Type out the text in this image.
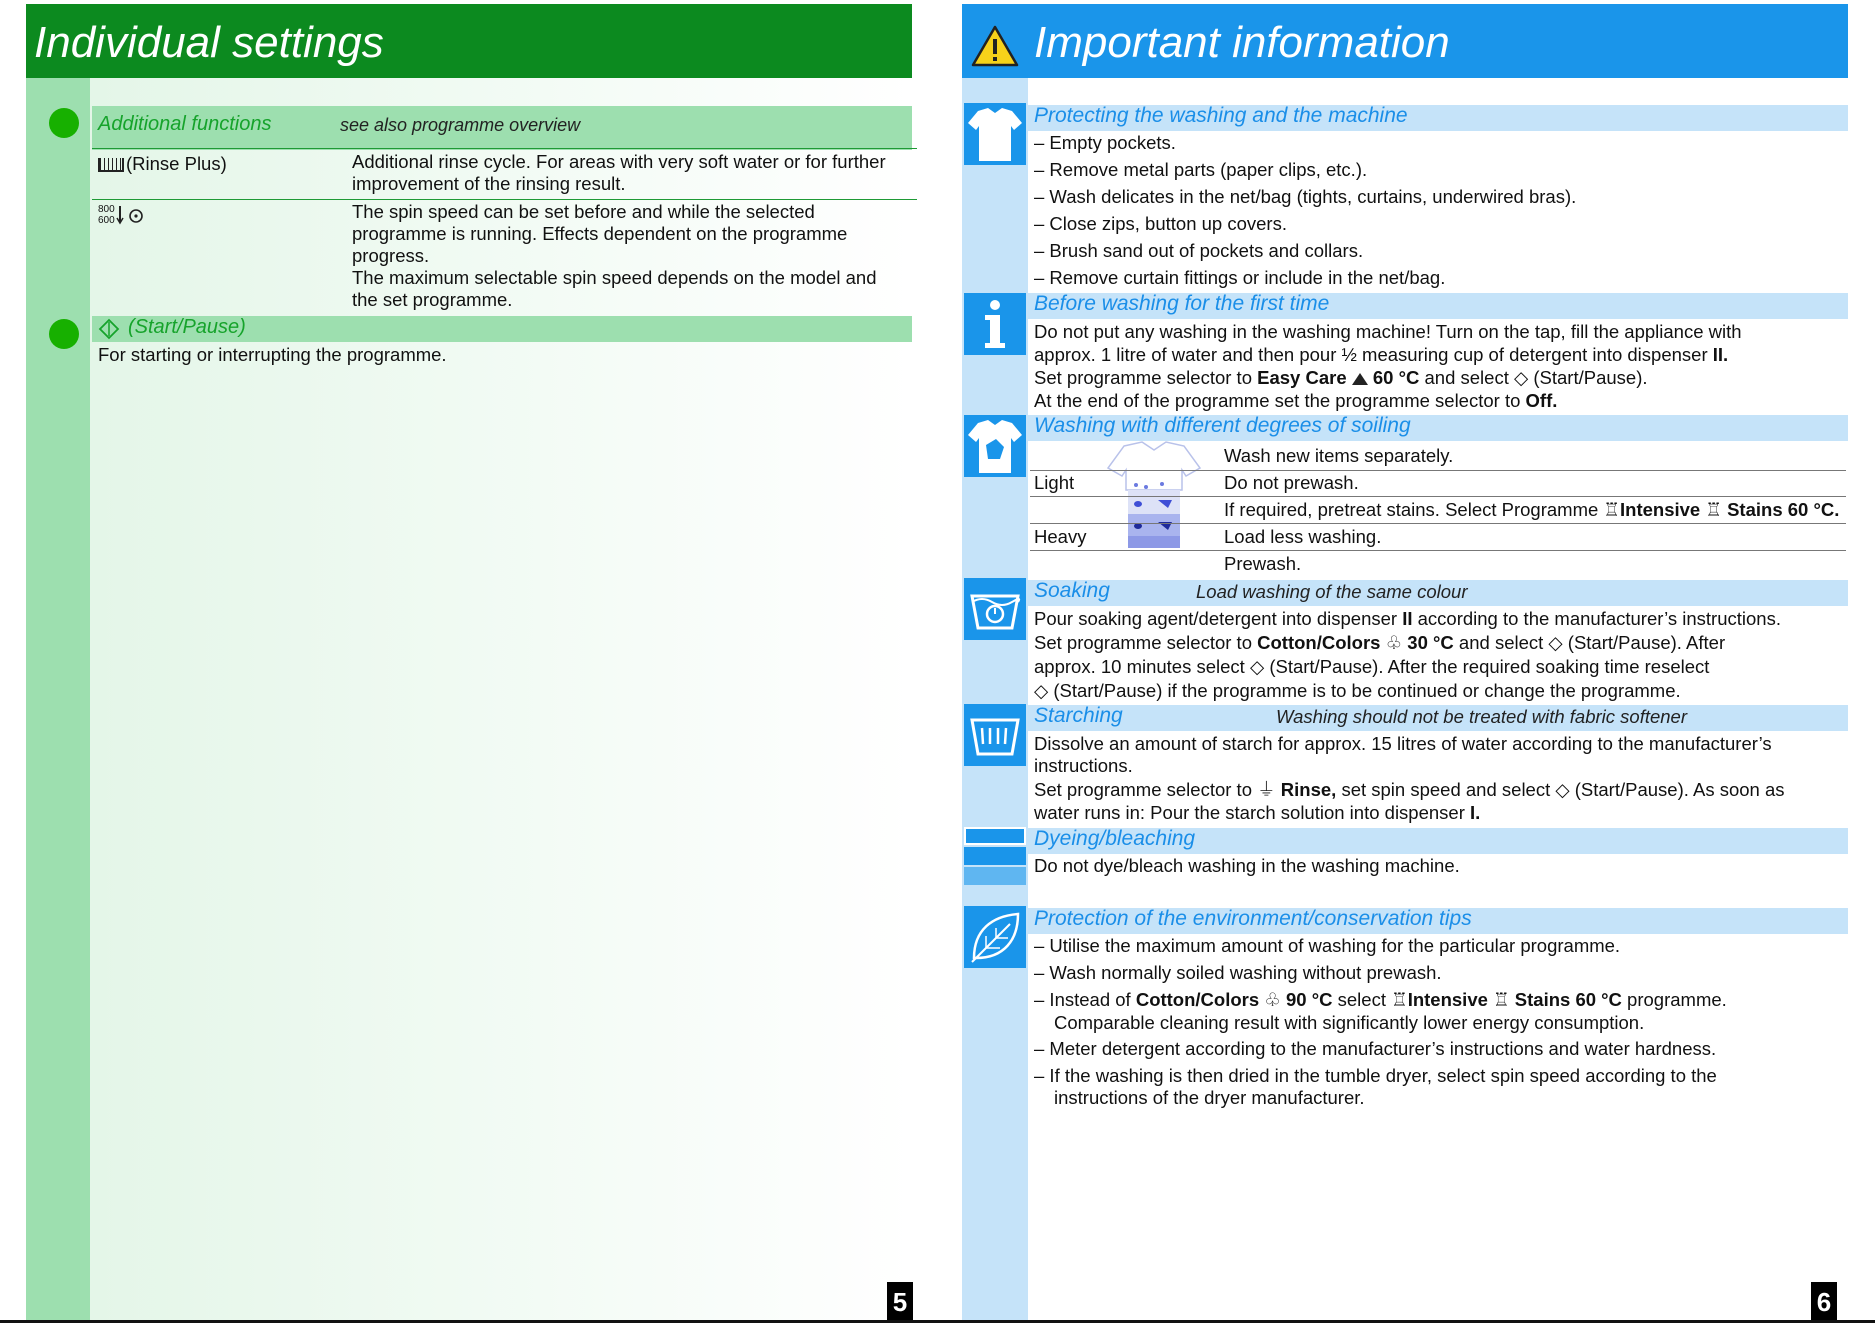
Individual settings
Additional functions	see also programme overview
(Rinse Plus)	Additional rinse cycle. For areas with very soft water or for further improvement of the rinsing result.
800
600	The spin speed can be set before and while the selected programme is running. Effects dependent on the programme progress.
The maximum selectable spin speed depends on the model and the set programme.
(Start/Pause)
For starting or interrupting the programme.
5
Important information
Protecting the washing and the machine
– Empty pockets.
– Remove metal parts (paper clips, etc.).
– Wash delicates in the net/bag (tights, curtains, underwired bras).
– Close zips, button up covers.
– Brush sand out of pockets and collars.
– Remove curtain fittings or include in the net/bag.
Before washing for the first time
Do not put any washing in the washing machine! Turn on the tap, fill the appliance with
approx. 1 litre of water and then pour ½ measuring cup of detergent into dispenser II.
Set programme selector to Easy Care  60 °C and select ◇ (Start/Pause).
At the end of the programme set the programme selector to Off.
Washing with different degrees of soiling
Wash new items separately.
Light	Do not prewash.
If required, pretreat stains. Select Programme ♖Intensive ♖ Stains 60 °C.
Heavy	Load less washing.
Prewash.
Soaking	Load washing of the same colour
Pour soaking agent/detergent into dispenser II according to the manufacturer’s instructions.
Set programme selector to Cotton/Colors ♧ 30 °C and select ◇ (Start/Pause). After
approx. 10 minutes select ◇ (Start/Pause). After the required soaking time reselect
◇ (Start/Pause) if the programme is to be continued or change the programme.
Starching	Washing should not be treated with fabric softener
Dissolve an amount of starch for approx. 15 litres of water according to the manufacturer’s
instructions.
Set programme selector to ⏚ Rinse, set spin speed and select ◇ (Start/Pause). As soon as
water runs in: Pour the starch solution into dispenser I.
Dyeing/bleaching
Do not dye/bleach washing in the washing machine.
Protection of the environment/conservation tips
– Utilise the maximum amount of washing for the particular programme.
– Wash normally soiled washing without prewash.
– Instead of Cotton/Colors ♧ 90 °C select ♖Intensive ♖ Stains 60 °C programme.
Comparable cleaning result with significantly lower energy consumption.
– Meter detergent according to the manufacturer’s instructions and water hardness.
– If the washing is then dried in the tumble dryer, select spin speed according to the instructions of the dryer manufacturer.
6
